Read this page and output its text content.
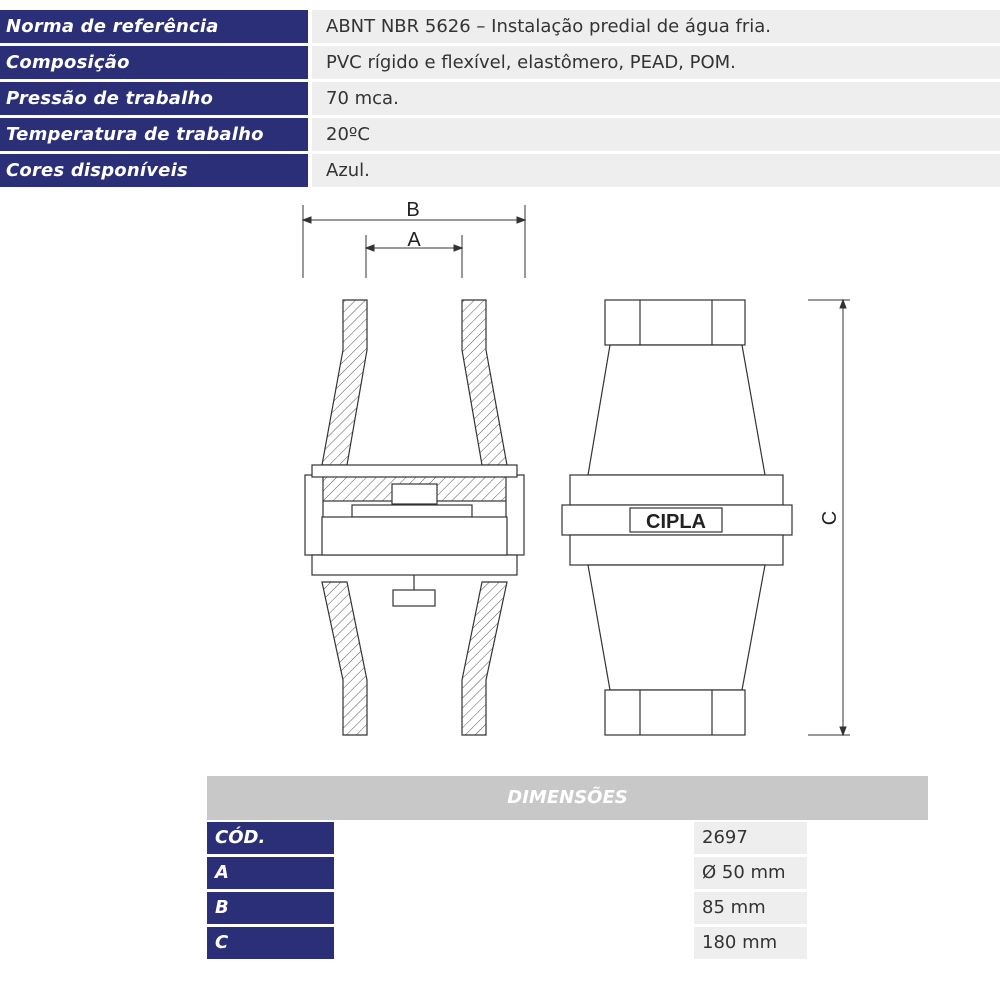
Norma de referência	ABNT NBR 5626 – Instalação predial de água fria.
Composição	PVC rígido e flexível, elastômero, PEAD, POM.
Pressão de trabalho	70 mca.
Temperatura de trabalho	20ºC
Cores disponíveis	Azul.
B
A
CIPLA	C
DIMENSÕES
CÓD.	2697
A	Ø 50 mm
B	85 mm
C	180 mm
